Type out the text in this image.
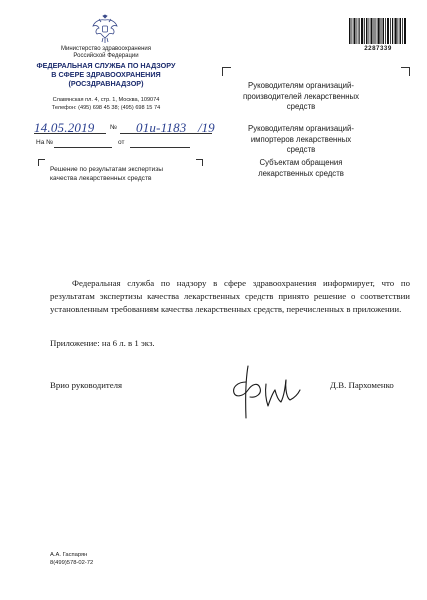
Министерство здравоохранения
Российской Федерации
ФЕДЕРАЛЬНАЯ СЛУЖБА ПО НАДЗОРУ
В СФЕРЕ ЗДРАВООХРАНЕНИЯ
(РОСЗДРАВНАДЗОР)
Славянская пл. 4, стр. 1, Москва, 109074
Телефон: (495) 698 45 38; (495) 698 15 74
14.05.2019 № 01и-1183 /19
На №	от
Решение по результатам экспертизы
качества лекарственных средств
2287339
Руководителям организаций-
производителей лекарственных
средств
Руководителям организаций-
импортеров лекарственных средств
Субъектам обращения
лекарственных средств

Федеральная служба по надзору в сфере здравоохранения информирует, что по результатам экспертизы качества лекарственных средств принято решение о соответствии установленным требованиям качества лекарственных средств, перечисленных в приложении.

Приложение: на 6 л. в 1 экз.
Врио руководителя	Д.В. Пархоменко
А.А. Гаспарян
8(499)578-02-72
